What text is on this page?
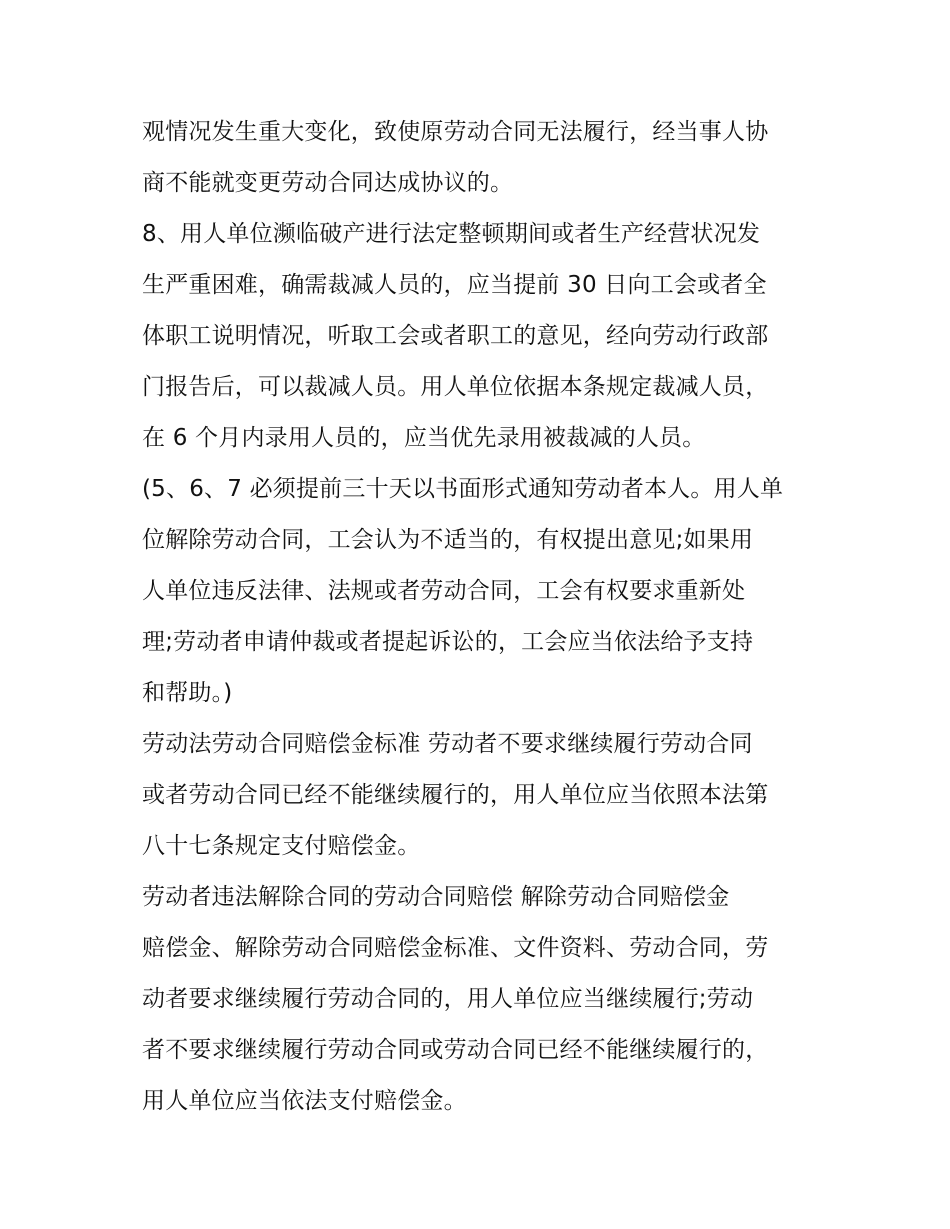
观情况发生重大变化，致使原劳动合同无法履行，经当事人协
商不能就变更劳动合同达成协议的。
8、用人单位濒临破产进行法定整顿期间或者生产经营状况发
生严重困难，确需裁减人员的，应当提前 30 日向工会或者全
体职工说明情况，听取工会或者职工的意见，经向劳动行政部
门报告后，可以裁减人员。用人单位依据本条规定裁减人员，
在 6 个月内录用人员的，应当优先录用被裁减的人员。
(5、6、7 必须提前三十天以书面形式通知劳动者本人。用人单
位解除劳动合同，工会认为不适当的，有权提出意见;如果用
人单位违反法律、法规或者劳动合同，工会有权要求重新处
理;劳动者申请仲裁或者提起诉讼的，工会应当依法给予支持
和帮助。)
劳动法劳动合同赔偿金标准 劳动者不要求继续履行劳动合同
或者劳动合同已经不能继续履行的，用人单位应当依照本法第
八十七条规定支付赔偿金。
劳动者违法解除合同的劳动合同赔偿 解除劳动合同赔偿金
赔偿金、解除劳动合同赔偿金标准、文件资料、劳动合同，劳
动者要求继续履行劳动合同的，用人单位应当继续履行;劳动
者不要求继续履行劳动合同或劳动合同已经不能继续履行的，
用人单位应当依法支付赔偿金。
